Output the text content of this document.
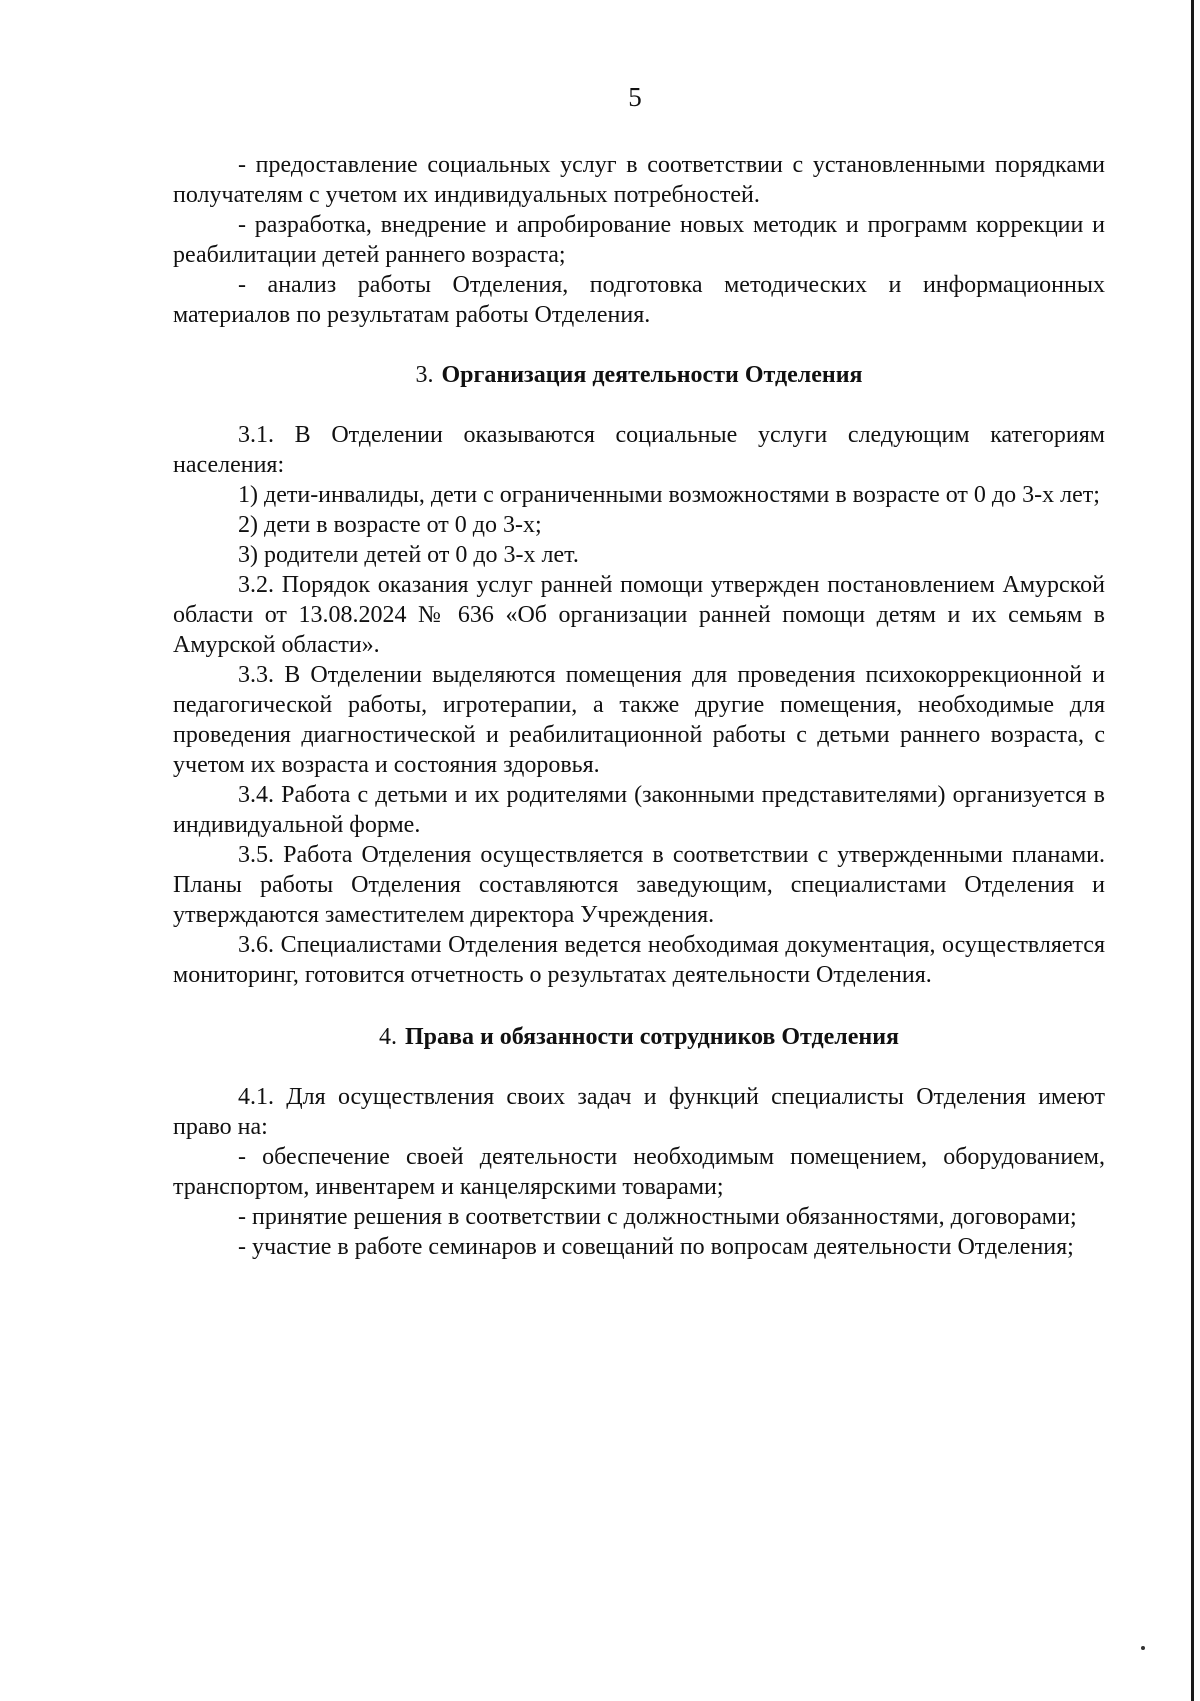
5

- предоставление социальных услуг в соответствии с установленными порядками получателям с учетом их индивидуальных потребностей.

- разработка, внедрение и апробирование новых методик и программ коррекции и реабилитации детей раннего возраста;

- анализ работы Отделения, подготовка методических и информационных материалов по результатам работы Отделения.

3. Организация деятельности Отделения

3.1. В Отделении оказываются социальные услуги следующим категориям населения:

1) дети-инвалиды, дети с ограниченными возможностями в возрасте от 0 до 3-х лет;

2) дети в возрасте от 0 до 3-х;

3) родители детей от 0 до 3-х лет.

3.2. Порядок оказания услуг ранней помощи утвержден постановлением Амурской области от 13.08.2024 № 636 «Об организации ранней помощи детям и их семьям в Амурской области».

3.3. В Отделении выделяются помещения для проведения психокоррекционной и педагогической работы, игротерапии, а также другие помещения, необходимые для проведения диагностической и реабилитационной работы с детьми раннего возраста, с учетом их возраста и состояния здоровья.

3.4. Работа с детьми и их родителями (законными представителями) организуется в индивидуальной форме.

3.5. Работа Отделения осуществляется в соответствии с утвержденными планами. Планы работы Отделения составляются заведующим, специалистами Отделения и утверждаются заместителем директора Учреждения.

3.6. Специалистами Отделения ведется необходимая документация, осуществляется мониторинг, готовится отчетность о результатах деятельности Отделения.

4. Права и обязанности сотрудников Отделения

4.1. Для осуществления своих задач и функций специалисты Отделения имеют право на:

- обеспечение своей деятельности необходимым помещением, оборудованием, транспортом, инвентарем и канцелярскими товарами;

- принятие решения в соответствии с должностными обязанностями, договорами;

- участие в работе семинаров и совещаний по вопросам деятельности Отделения;
